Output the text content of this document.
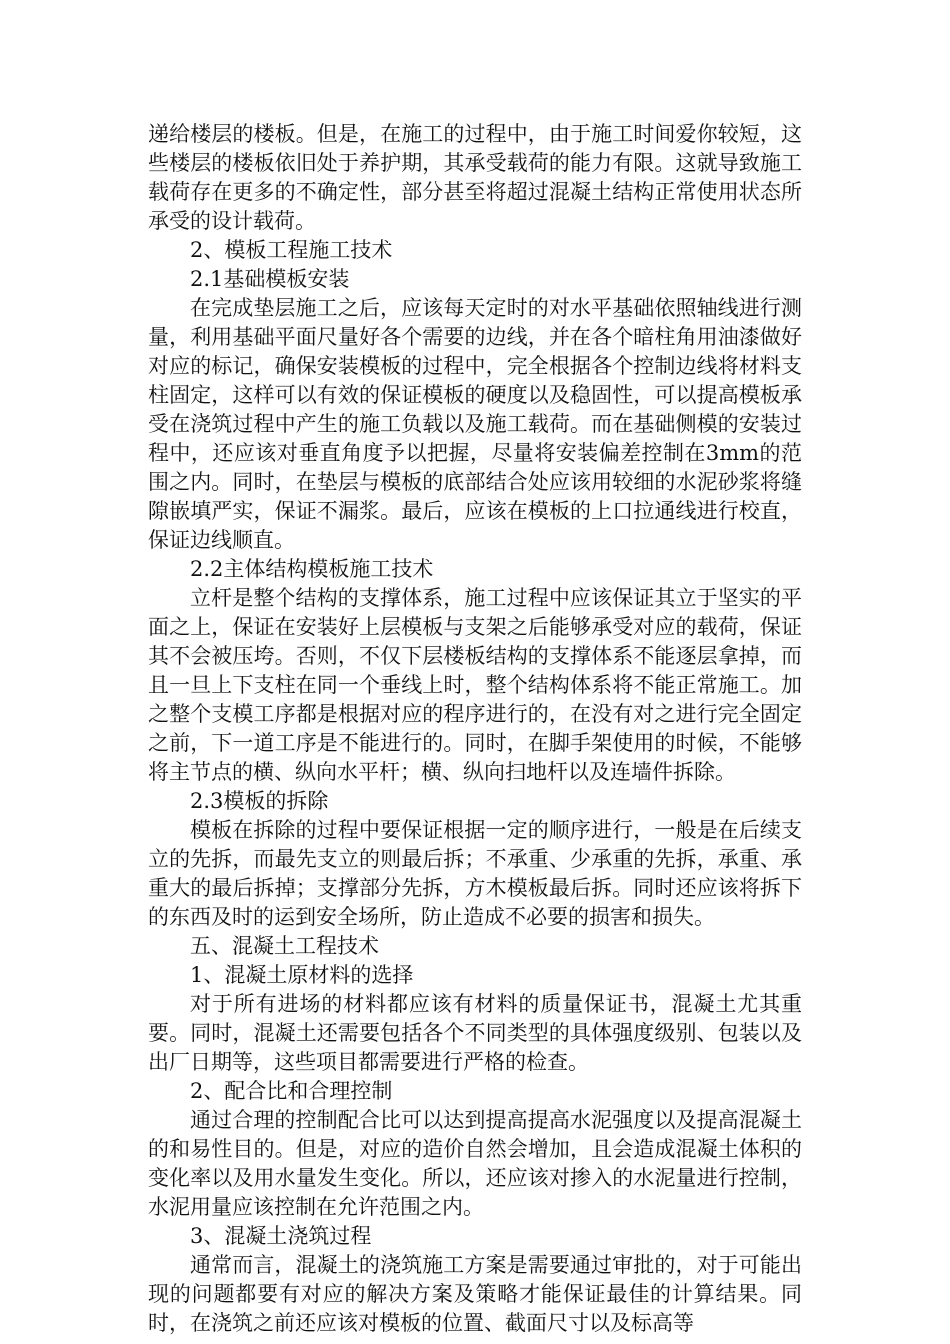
递给楼层的楼板。但是，在施工的过程中，由于施工时间爱你较短，这些楼层的楼板依旧处于养护期，其承受载荷的能力有限。这就导致施工载荷存在更多的不确定性，部分甚至将超过混凝土结构正常使用状态所承受的设计载荷。

2、模板工程施工技术

2.1基础模板安装

在完成垫层施工之后，应该每天定时的对水平基础依照轴线进行测量，利用基础平面尺量好各个需要的边线，并在各个暗柱角用油漆做好对应的标记，确保安装模板的过程中，完全根据各个控制边线将材料支柱固定，这样可以有效的保证模板的硬度以及稳固性，可以提高模板承受在浇筑过程中产生的施工负载以及施工载荷。而在基础侧模的安装过程中，还应该对垂直角度予以把握，尽量将安装偏差控制在3mm的范围之内。同时，在垫层与模板的底部结合处应该用较细的水泥砂浆将缝隙嵌填严实，保证不漏浆。最后，应该在模板的上口拉通线进行校直，保证边线顺直。

2.2主体结构模板施工技术

立杆是整个结构的支撑体系，施工过程中应该保证其立于坚实的平面之上，保证在安装好上层模板与支架之后能够承受对应的载荷，保证其不会被压垮。否则，不仅下层楼板结构的支撑体系不能逐层拿掉，而且一旦上下支柱在同一个垂线上时，整个结构体系将不能正常施工。加之整个支模工序都是根据对应的程序进行的，在没有对之进行完全固定之前，下一道工序是不能进行的。同时，在脚手架使用的时候，不能够将主节点的横、纵向水平杆；横、纵向扫地杆以及连墙件拆除。

2.3模板的拆除

模板在拆除的过程中要保证根据一定的顺序进行，一般是在后续支立的先拆，而最先支立的则最后拆；不承重、少承重的先拆，承重、承重大的最后拆掉；支撑部分先拆，方木模板最后拆。同时还应该将拆下的东西及时的运到安全场所，防止造成不必要的损害和损失。

五、混凝土工程技术

1、混凝土原材料的选择

对于所有进场的材料都应该有材料的质量保证书，混凝土尤其重要。同时，混凝土还需要包括各个不同类型的具体强度级别、包装以及出厂日期等，这些项目都需要进行严格的检查。

2、配合比和合理控制

通过合理的控制配合比可以达到提高提高水泥强度以及提高混凝土的和易性目的。但是，对应的造价自然会增加，且会造成混凝土体积的变化率以及用水量发生变化。所以，还应该对掺入的水泥量进行控制，水泥用量应该控制在允许范围之内。

3、混凝土浇筑过程

通常而言，混凝土的浇筑施工方案是需要通过审批的，对于可能出现的问题都要有对应的解决方案及策略才能保证最佳的计算结果。同时，在浇筑之前还应该对模板的位置、截面尺寸以及标高等
